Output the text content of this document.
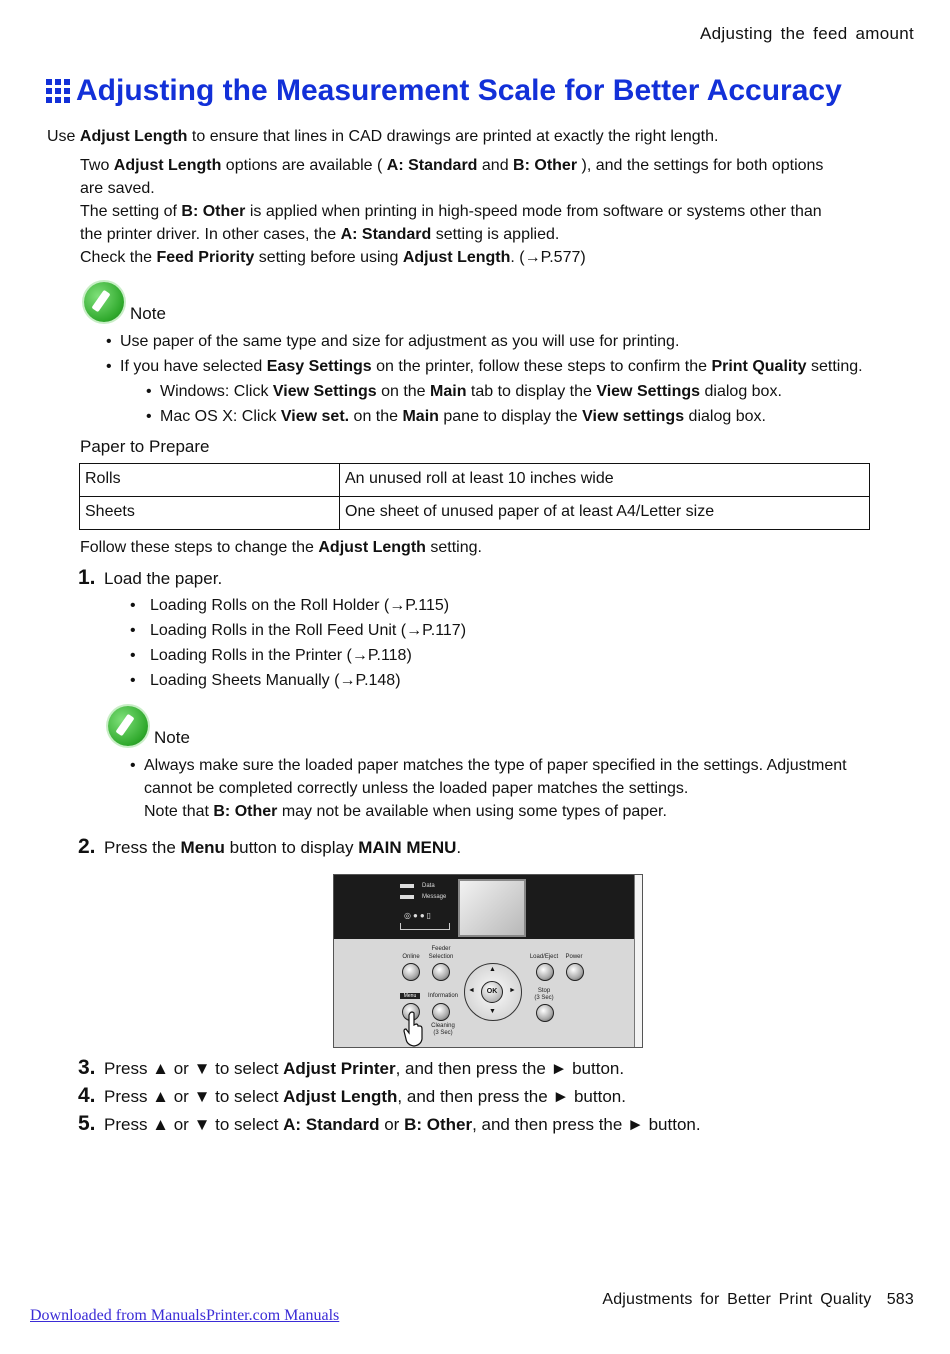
Adjusting the feed amount
Adjusting the Measurement Scale for Better Accuracy
Use Adjust Length to ensure that lines in CAD drawings are printed at exactly the right length.
Two Adjust Length options are available ( A: Standard and B: Other ), and the settings for both options
are saved.
The setting of B: Other is applied when printing in high-speed mode from software or systems other than
the printer driver. In other cases, the A: Standard setting is applied.
Check the Feed Priority setting before using Adjust Length. (→P.577)
Note
• Use paper of the same type and size for adjustment as you will use for printing.
• If you have selected Easy Settings on the printer, follow these steps to confirm the Print Quality setting.
• Windows: Click View Settings on the Main tab to display the View Settings dialog box.
• Mac OS X: Click View set. on the Main pane to display the View settings dialog box.
Paper to Prepare
Rolls	An unused roll at least 10 inches wide
Sheets	One sheet of unused paper of at least A4/Letter size
Follow these steps to change the Adjust Length setting.
1. Load the paper.
• Loading Rolls on the Roll Holder (→P.115)
• Loading Rolls in the Roll Feed Unit (→P.117)
• Loading Rolls in the Printer (→P.118)
• Loading Sheets Manually (→P.148)
Note
• Always make sure the loaded paper matches the type of paper specified in the settings. Adjustment
cannot be completed correctly unless the loaded paper matches the settings.
Note that B: Other may not be available when using some types of paper.
2. Press the Menu button to display MAIN MENU.
Data
Message
◎●●▯
Online
Feeder
Selection	Load/Eject	Power
▲
▼
◄	►
OK
Menu	Information
Cleaning
(3 Sec)
Stop
(3 Sec)
3. Press ▲ or ▼ to select Adjust Printer, and then press the ► button.
4. Press ▲ or ▼ to select Adjust Length, and then press the ► button.
5. Press ▲ or ▼ to select A: Standard or B: Other, and then press the ► button.
Adjustments for Better Print Quality 583
Downloaded from ManualsPrinter.com Manuals
